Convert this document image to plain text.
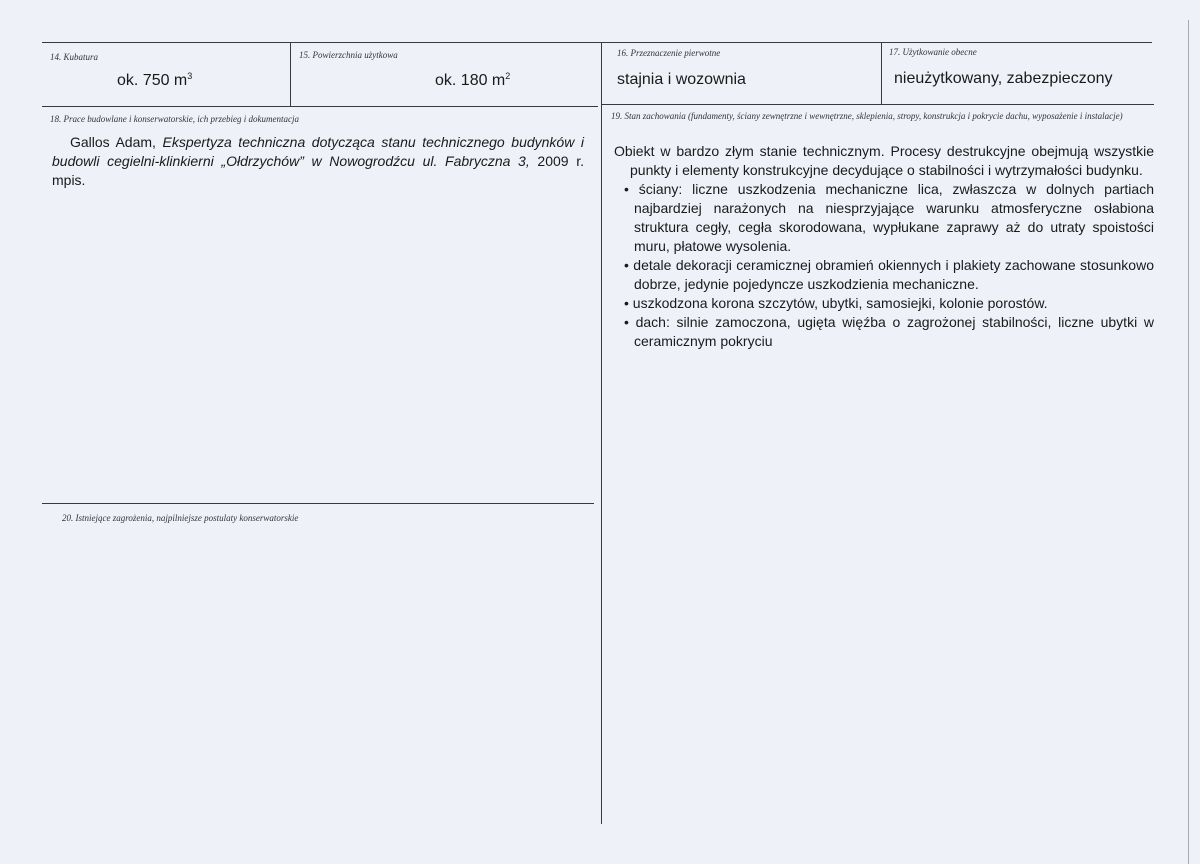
14. Kubatura
ok. 750 $m^3$
15. Powierzchnia użytkowa
ok. 180 $m^2$
16. Przeznaczenie pierwotne
stajnia i wozownia
17. Użytkowanie obecne
nieużytkowany, zabezpieczony
18. Prace budowlane i konserwatorskie, ich przebieg i dokumentacja

Gallos Adam, Ekspertyza techniczna dotycząca stanu technicznego budynków i budowli cegielni-klinkierni „Ołdrzychów” w Nowogrodźcu ul. Fabryczna 3, 2009 r. mpis.

19. Stan zachowania (fundamenty, ściany zewnętrzne i wewnętrzne, sklepienia, stropy, konstrukcja i pokrycie dachu, wyposażenie i instalacje)

Obiekt w bardzo złym stanie technicznym. Procesy destrukcyjne obejmują wszystkie punkty i elementy konstrukcyjne decydujące o stabilności i wytrzymałości budynku.

• ściany: liczne uszkodzenia mechaniczne lica, zwłaszcza w dolnych partiach najbardziej narażonych na niesprzyjające warunku atmosferyczne osłabiona struktura cegły, cegła skorodowana, wypłukane zaprawy aż do utraty spoistości muru, płatowe wysolenia.
• detale dekoracji ceramicznej obramień okiennych i plakiety zachowane stosunkowo dobrze, jedynie pojedyncze uszkodzienia mechaniczne.
• uszkodzona korona szczytów, ubytki, samosiejki, kolonie porostów.
• dach: silnie zamoczona, ugięta więźba o zagrożonej stabilności, liczne ubytki w ceramicznym pokryciu
20. Istniejące zagrożenia, najpilniejsze postulaty konserwatorskie
